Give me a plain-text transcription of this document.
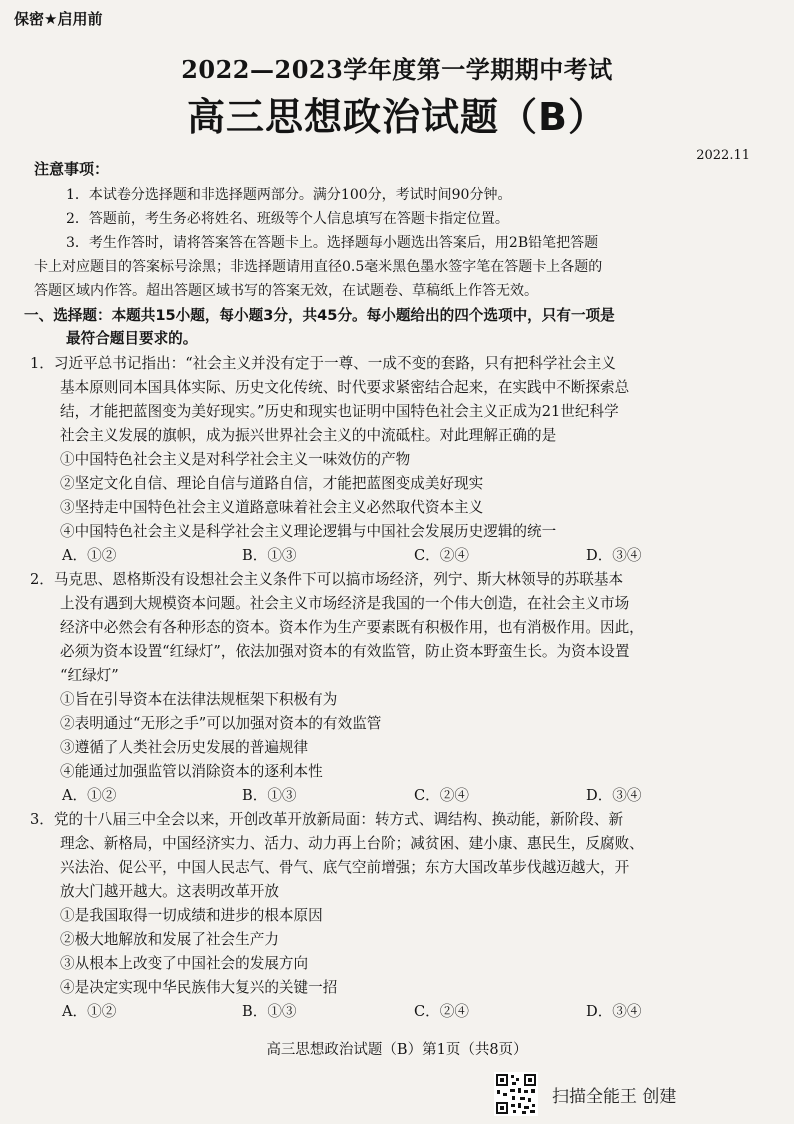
保密★启用前
2022—2023学年度第一学期期中考试
高三思想政治试题（B）
2022.11
注意事项：
1．本试卷分选择题和非选择题两部分。满分100分，考试时间90分钟。
2．答题前，考生务必将姓名、班级等个人信息填写在答题卡指定位置。
3．考生作答时，请将答案答在答题卡上。选择题每小题选出答案后，用2B铅笔把答题
卡上对应题目的答案标号涂黑；非选择题请用直径0.5毫米黑色墨水签字笔在答题卡上各题的
答题区域内作答。超出答题区域书写的答案无效，在试题卷、草稿纸上作答无效。
一、选择题：本题共15小题，每小题3分，共45分。每小题给出的四个选项中，只有一项是
最符合题目要求的。
1．习近平总书记指出：“社会主义并没有定于一尊、一成不变的套路，只有把科学社会主义
基本原则同本国具体实际、历史文化传统、时代要求紧密结合起来，在实践中不断探索总
结，才能把蓝图变为美好现实。”历史和现实也证明中国特色社会主义正成为21世纪科学
社会主义发展的旗帜，成为振兴世界社会主义的中流砥柱。对此理解正确的是
①中国特色社会主义是对科学社会主义一味效仿的产物
②坚定文化自信、理论自信与道路自信，才能把蓝图变成美好现实
③坚持走中国特色社会主义道路意味着社会主义必然取代资本主义
④中国特色社会主义是科学社会主义理论逻辑与中国社会发展历史逻辑的统一
A．①②	B．①③	C．②④	D．③④
2．马克思、恩格斯没有设想社会主义条件下可以搞市场经济，列宁、斯大林领导的苏联基本
上没有遇到大规模资本问题。社会主义市场经济是我国的一个伟大创造，在社会主义市场
经济中必然会有各种形态的资本。资本作为生产要素既有积极作用，也有消极作用。因此，
必须为资本设置“红绿灯”，依法加强对资本的有效监管，防止资本野蛮生长。为资本设置
“红绿灯”
①旨在引导资本在法律法规框架下积极有为
②表明通过“无形之手”可以加强对资本的有效监管
③遵循了人类社会历史发展的普遍规律
④能通过加强监管以消除资本的逐利本性
A．①②	B．①③	C．②④	D．③④
3．党的十八届三中全会以来，开创改革开放新局面：转方式、调结构、换动能，新阶段、新
理念、新格局，中国经济实力、活力、动力再上台阶；减贫困、建小康、惠民生，反腐败、
兴法治、促公平，中国人民志气、骨气、底气空前增强；东方大国改革步伐越迈越大，开
放大门越开越大。这表明改革开放
①是我国取得一切成绩和进步的根本原因
②极大地解放和发展了社会生产力
③从根本上改变了中国社会的发展方向
④是决定实现中华民族伟大复兴的关键一招
A．①②	B．①③	C．②④	D．③④
高三思想政治试题（B）第1页（共8页）
扫描全能王 创建
